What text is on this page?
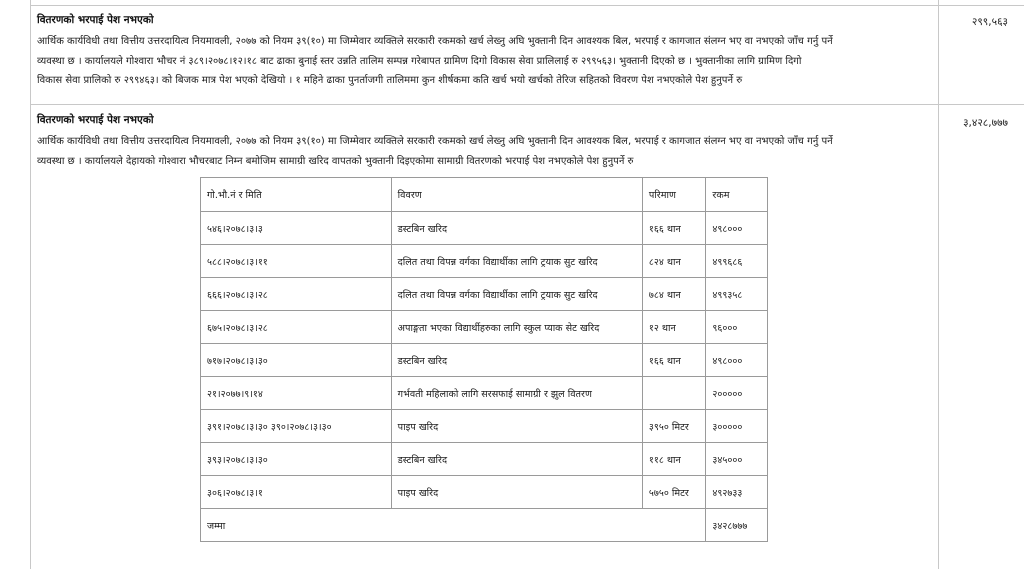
वितरणको भरपाई पेश नभएको

आर्थिक कार्यविधी तथा वित्तीय उत्तरदायित्व नियमावली, २०७७ को नियम ३९(१०) मा जिम्मेवार व्यक्तिले सरकारी रकमको खर्च लेख्नु अघि भुक्तानी दिन आवश्यक बिल, भरपाई र कागजात संलग्न भए वा नभएको जाँच गर्नु पर्ने

व्यवस्था छ । कार्यालयले गोश्वारा भौचर नं ३८९।२०७८।१२।१८ बाट ढाका बुनाई स्तर उन्नति तालिम सम्पन्न गरेबापत ग्रामिण दिगो विकास सेवा प्रालिलाई रु २९९५६३। भुक्तानी दिएको छ । भुक्तानीका लागि ग्रामिण दिगो

विकास सेवा प्रालिको रु २९९४६३। को बिजक मात्र पेश भएको देखियो । १ महिने ढाका पुनर्ताजगी तालिममा कुन शीर्षकमा कति खर्च भयो खर्चको तेरिज सहितको विवरण पेश नभएकोले पेश हुनुपर्ने रु

२९९,५६३

वितरणको भरपाई पेश नभएको

आर्थिक कार्यविधी तथा वित्तीय उत्तरदायित्व नियमावली, २०७७ को नियम ३९(१०) मा जिम्मेवार व्यक्तिले सरकारी रकमको खर्च लेख्नु अघि भुक्तानी दिन आवश्यक बिल, भरपाई र कागजात संलग्न भए वा नभएको जाँच गर्नु पर्ने

व्यवस्था छ । कार्यालयले देहायको गोश्वारा भौचरबाट निम्न बमोजिम सामाग्री खरिद वापतको भुक्तानी दिइएकोमा सामाग्री वितरणको भरपाई पेश नभएकोले पेश हुनुपर्ने रु

३,४२८,७७७
गो.भौ.नं र मिति	विवरण	परिमाण	रकम
५४६।२०७८।३।३	डस्टबिन खरिद	१६६ थान	४९८०००
५८८।२०७८।३।११	दलित तथा विपन्न वर्गका विद्यार्थीका लागि ट्रयाक सुट खरिद	८२४ थान	४९९६८६
६६६।२०७८।३।२८	दलित तथा विपन्न वर्गका विद्यार्थीका लागि ट्रयाक सुट खरिद	७८४ थान	४९९३५८
६७५।२०७८।३।२८	अपाङ्गता भएका विद्यार्थीहरुका लागि स्कुल प्याक सेट खरिद	१२ थान	९६०००
७१७।२०७८।३।३०	डस्टबिन खरिद	१६६ थान	४९८०००
२१।२०७७।९।१४	गर्भवती महिलाको लागि सरसफाई सामाग्री र झुल वितरण		२०००००
३९१।२०७८।३।३० ३९०।२०७८।३।३०	पाइप खरिद	३९५० मिटर	३०००००
३९३।२०७८।३।३०	डस्टबिन खरिद	११८ थान	३४५०००
३०६।२०७८।३।१	पाइप खरिद	५७५० मिटर	४९२७३३
जम्मा			३४२८७७७
